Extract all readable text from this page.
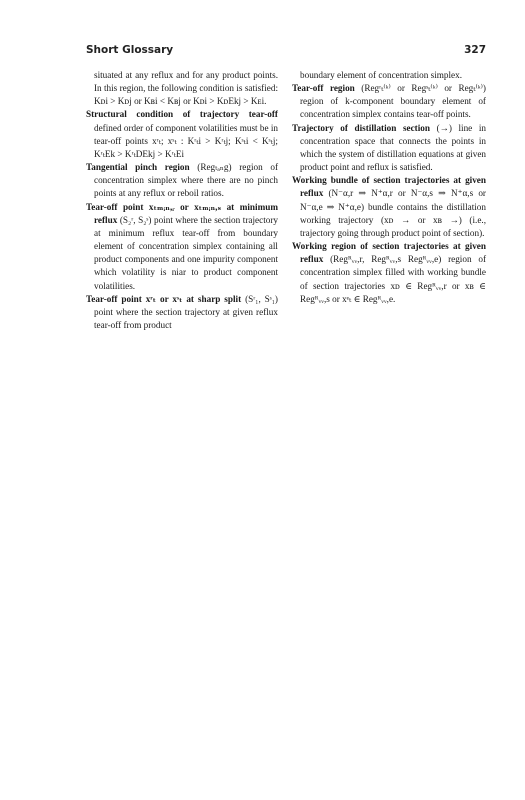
Short Glossary	327

situated at any reflux and for any product points. In this region, the following condition is satisfied: Kᴅi > Kᴅj or Kʙi < Kʙj or Kᴅi > KᴅEkj > Kᴇi.

Structural condition of trajectory tear-off defined order of component volatilities must be in tear-off points xʳₜ; xˢₜ : Kʳₜi > Kʳₜj; Kˢₜi < Kˢₜj; KʳₜEk > KʳₜDEkj > KʳₜEi

Tangential pinch region (Regₜₐₙg) region of concentration simplex where there are no pinch points at any reflux or reboil ratios.

Tear-off point xₜₘᵢₙ,ᵣ or xₜₘᵢₙ,ₛ at minimum reflux (S₂ʳ, S₂ˢ) point where the section trajectory at minimum reflux tear-off from boundary element of concentration simplex containing all product components and one impurity component which volatility is niar to product component volatilities.

Tear-off point xʳₜ or xˢₜ at sharp split (Sʳ₁, Sˢ₁) point where the section trajectory at given reflux tear-off from product

boundary element of concentration simplex.

Tear-off region (Regʳₜ⁽ᵏ⁾ or Regˢₜ⁽ᵏ⁾ or Regₜ⁽ᵏ⁾) region of k-component boundary element of concentration simplex contains tear-off points.

Trajectory of distillation section (→) line in concentration space that connects the points in which the system of distillation equations at given product point and reflux is satisfied.

Working bundle of section trajectories at given reflux (N⁻α,r ⇒ N⁺α,r or N⁻α,s ⇒ N⁺α,s or N⁻α,e ⇒ N⁺α,e) bundle contains the distillation working trajectory (xᴅ → or xʙ →) (i.e., trajectory going through product point of section).

Working region of section trajectories at given reflux (Regᴿᵥᵥ,r, Regᴿᵥᵥ,s Regᴿᵥᵥ,e) region of concentration simplex filled with working bundle of section trajectories xᴅ ∈ Regᴿᵥᵥ,r or xʙ ∈ Regᴿᵥᵥ,s or xᵉₜ ∈ Regᴿᵥᵥ,e.
